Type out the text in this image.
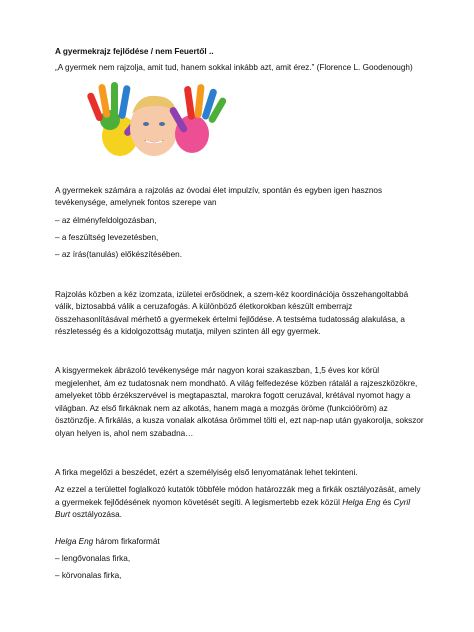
A gyermekrajz fejlődése / nem Feuertől ..

„A gyermek nem rajzolja, amit tud, hanem sokkal inkább azt, amit érez.” (Florence L. Goodenough)

A gyermekek számára a rajzolás az óvodai élet impulzív, spontán és egyben igen hasznos tevékenysége, amelynek fontos szerepe van

– az élményfeldolgozásban,

– a feszültség levezetésben,

– az írás(tanulás) előkészítésében.

Rajzolás közben a kéz izomzata, izületei erősödnek, a szem-kéz koordinációja összehangoltabbá válik, biztosabbá válik a ceruzafogás. A különböző életkorokban készült emberrajz összehasonlításával mérhető a gyermekek értelmi fejlődése. A testséma tudatosság alakulása, a részletesség és a kidolgozottság mutatja, milyen szinten áll egy gyermek.

A kisgyermekek ábrázoló tevékenysége már nagyon korai szakaszban, 1,5 éves kor körül megjelenhet, ám ez tudatosnak nem mondható. A világ felfedezése közben rátalál a rajzeszközökre, amelyeket több érzékszervével is megtapasztal, marokra fogott ceruzával, krétával nyomot hagy a világban. Az első firkáknak nem az alkotás, hanem maga a mozgás öröme (funkcióöröm) az ösztönzője. A firkálás, a kusza vonalak alkotása örömmel tölti el, ezt nap-nap után gyakorolja, sokszor olyan helyen is, ahol nem szabadna…

A firka megelőzi a beszédet, ezért a személyiség első lenyomatának lehet tekinteni.

Az ezzel a területtel foglalkozó kutatók többféle módon határozzák meg a firkák osztályozását, amely a gyermekek fejlődésének nyomon követését segíti. A legismertebb ezek közül Helga Eng és Cyril Burt osztályozása.

Helga Eng három firkaformát

– lengővonalas firka,

– körvonalas firka,
